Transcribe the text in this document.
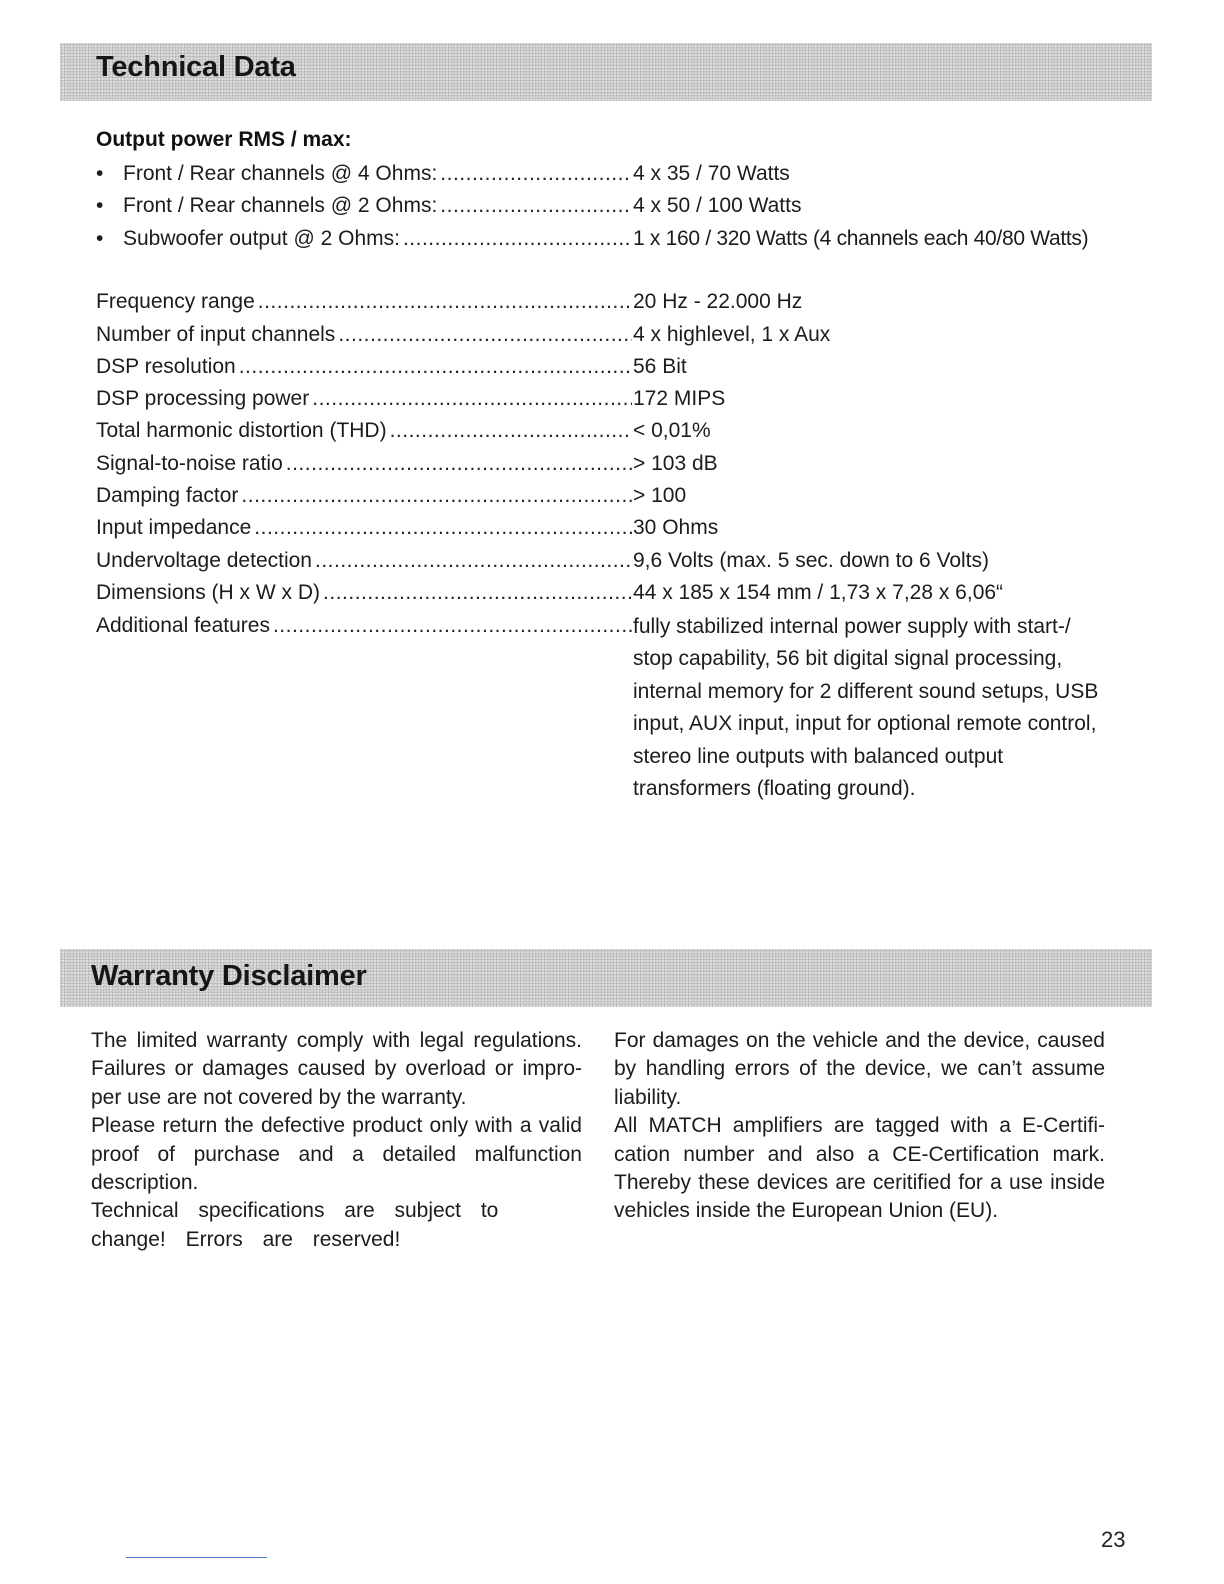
Technical Data
Output power RMS / max:
• Front / Rear channels @ 4 Ohms: .....	4 x 35 / 70 Watts
• Front / Rear channels @ 2 Ohms: .....	4 x 50 / 100 Watts
• Subwoofer output @ 2 Ohms: .....	1 x 160 / 320 Watts (4 channels each 40/80 Watts)
Frequency range .....	20 Hz - 22.000 Hz
Number of input channels .....	4 x highlevel, 1 x Aux
DSP resolution .....	56 Bit
DSP processing power .....	172 MIPS
Total harmonic distortion (THD) .....	< 0,01%
Signal-to-noise ratio .....	> 103 dB
Damping factor .....	> 100
Input impedance .....	30 Ohms
Undervoltage detection .....	9,6 Volts (max. 5 sec. down to 6 Volts)
Dimensions (H x W x D) .....	44 x 185 x 154 mm / 1,73 x 7,28 x 6,06“
Additional features .....	fully stabilized internal power supply with start-/ stop capability, 56 bit digital signal processing, internal memory for 2 different sound setups, USB input, AUX input, input for optional remote control, stereo line outputs with balanced output transformers (floating ground).

Warranty Disclaimer

The limited warranty comply with legal regulations. Failures or damages caused by overload or impro-per use are not covered by the warranty.

Please return the defective product only with a valid proof of purchase and a detailed malfunction description.

Technical specifications are subject to change! Errors are reserved!

For damages on the vehicle and the device, caused by handling errors of the device, we can’t assume liability.

All MATCH amplifiers are tagged with a E-Certifi-cation number and also a CE-Certification mark. Thereby these devices are ceritified for a use inside vehicles inside the European Union (EU).

23
